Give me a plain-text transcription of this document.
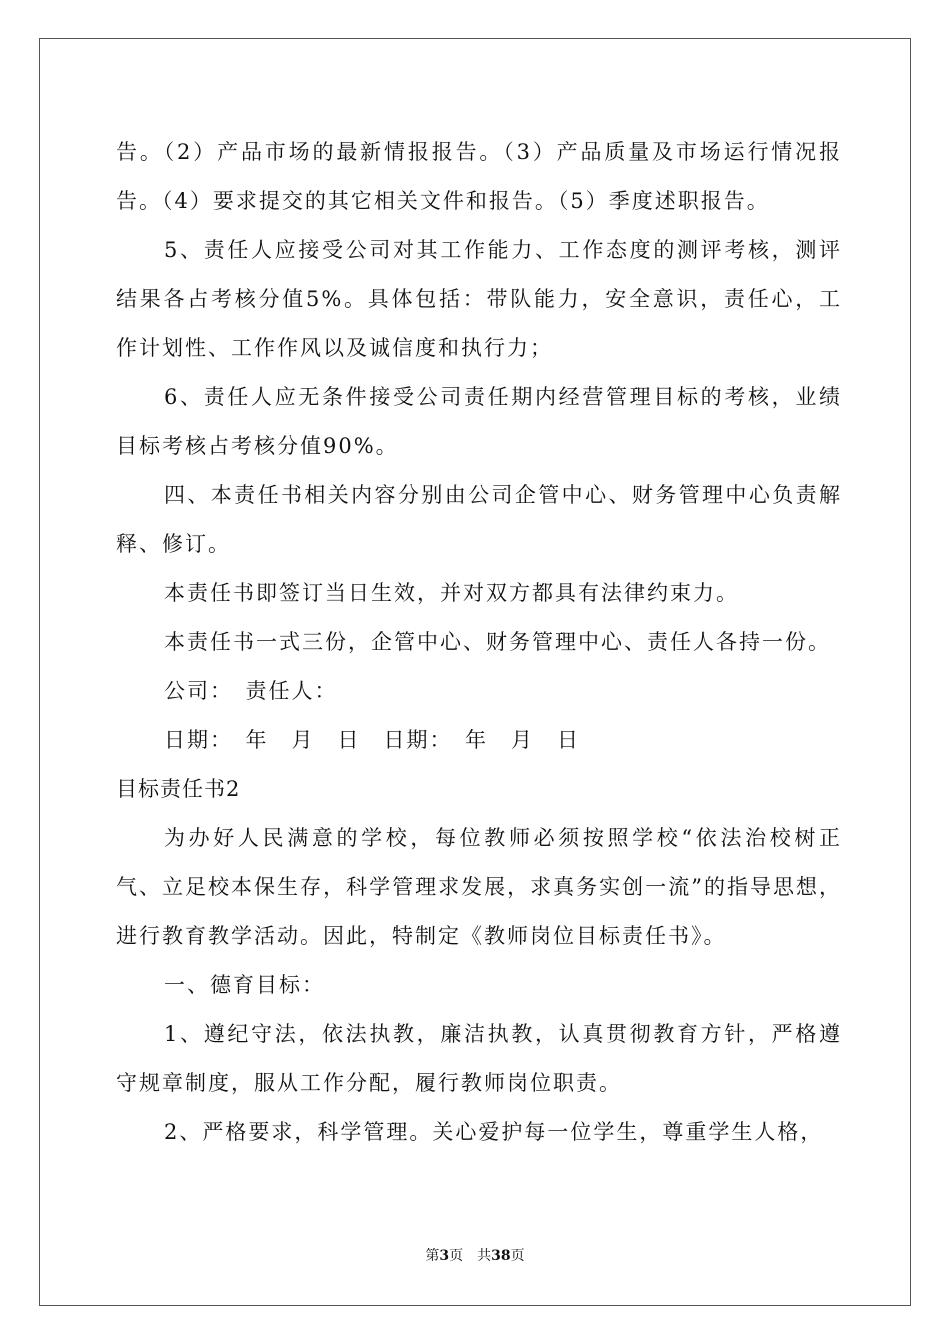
告。（2）产品市场的最新情报报告。（3）产品质量及市场运行情况报告。（4）要求提交的其它相关文件和报告。（5）季度述职报告。

5、责任人应接受公司对其工作能力、工作态度的测评考核，测评结果各占考核分值5%。具体包括：带队能力，安全意识，责任心，工作计划性、工作作风以及诚信度和执行力；

6、责任人应无条件接受公司责任期内经营管理目标的考核，业绩目标考核占考核分值90%。

四、本责任书相关内容分别由公司企管中心、财务管理中心负责解释、修订。

本责任书即签订当日生效，并对双方都具有法律约束力。

本责任书一式三份，企管中心、财务管理中心、责任人各持一份。

公司：　责任人：

日期：　年　月　日　日期：　年　月　日

目标责任书2

为办好人民满意的学校，每位教师必须按照学校“依法治校树正气、立足校本保生存，科学管理求发展，求真务实创一流”的指导思想，进行教育教学活动。因此，特制定《教师岗位目标责任书》。

一、德育目标：

1、遵纪守法，依法执教，廉洁执教，认真贯彻教育方针，严格遵守规章制度，服从工作分配，履行教师岗位职责。

2、严格要求，科学管理。关心爱护每一位学生，尊重学生人格，

第3页　共38页
